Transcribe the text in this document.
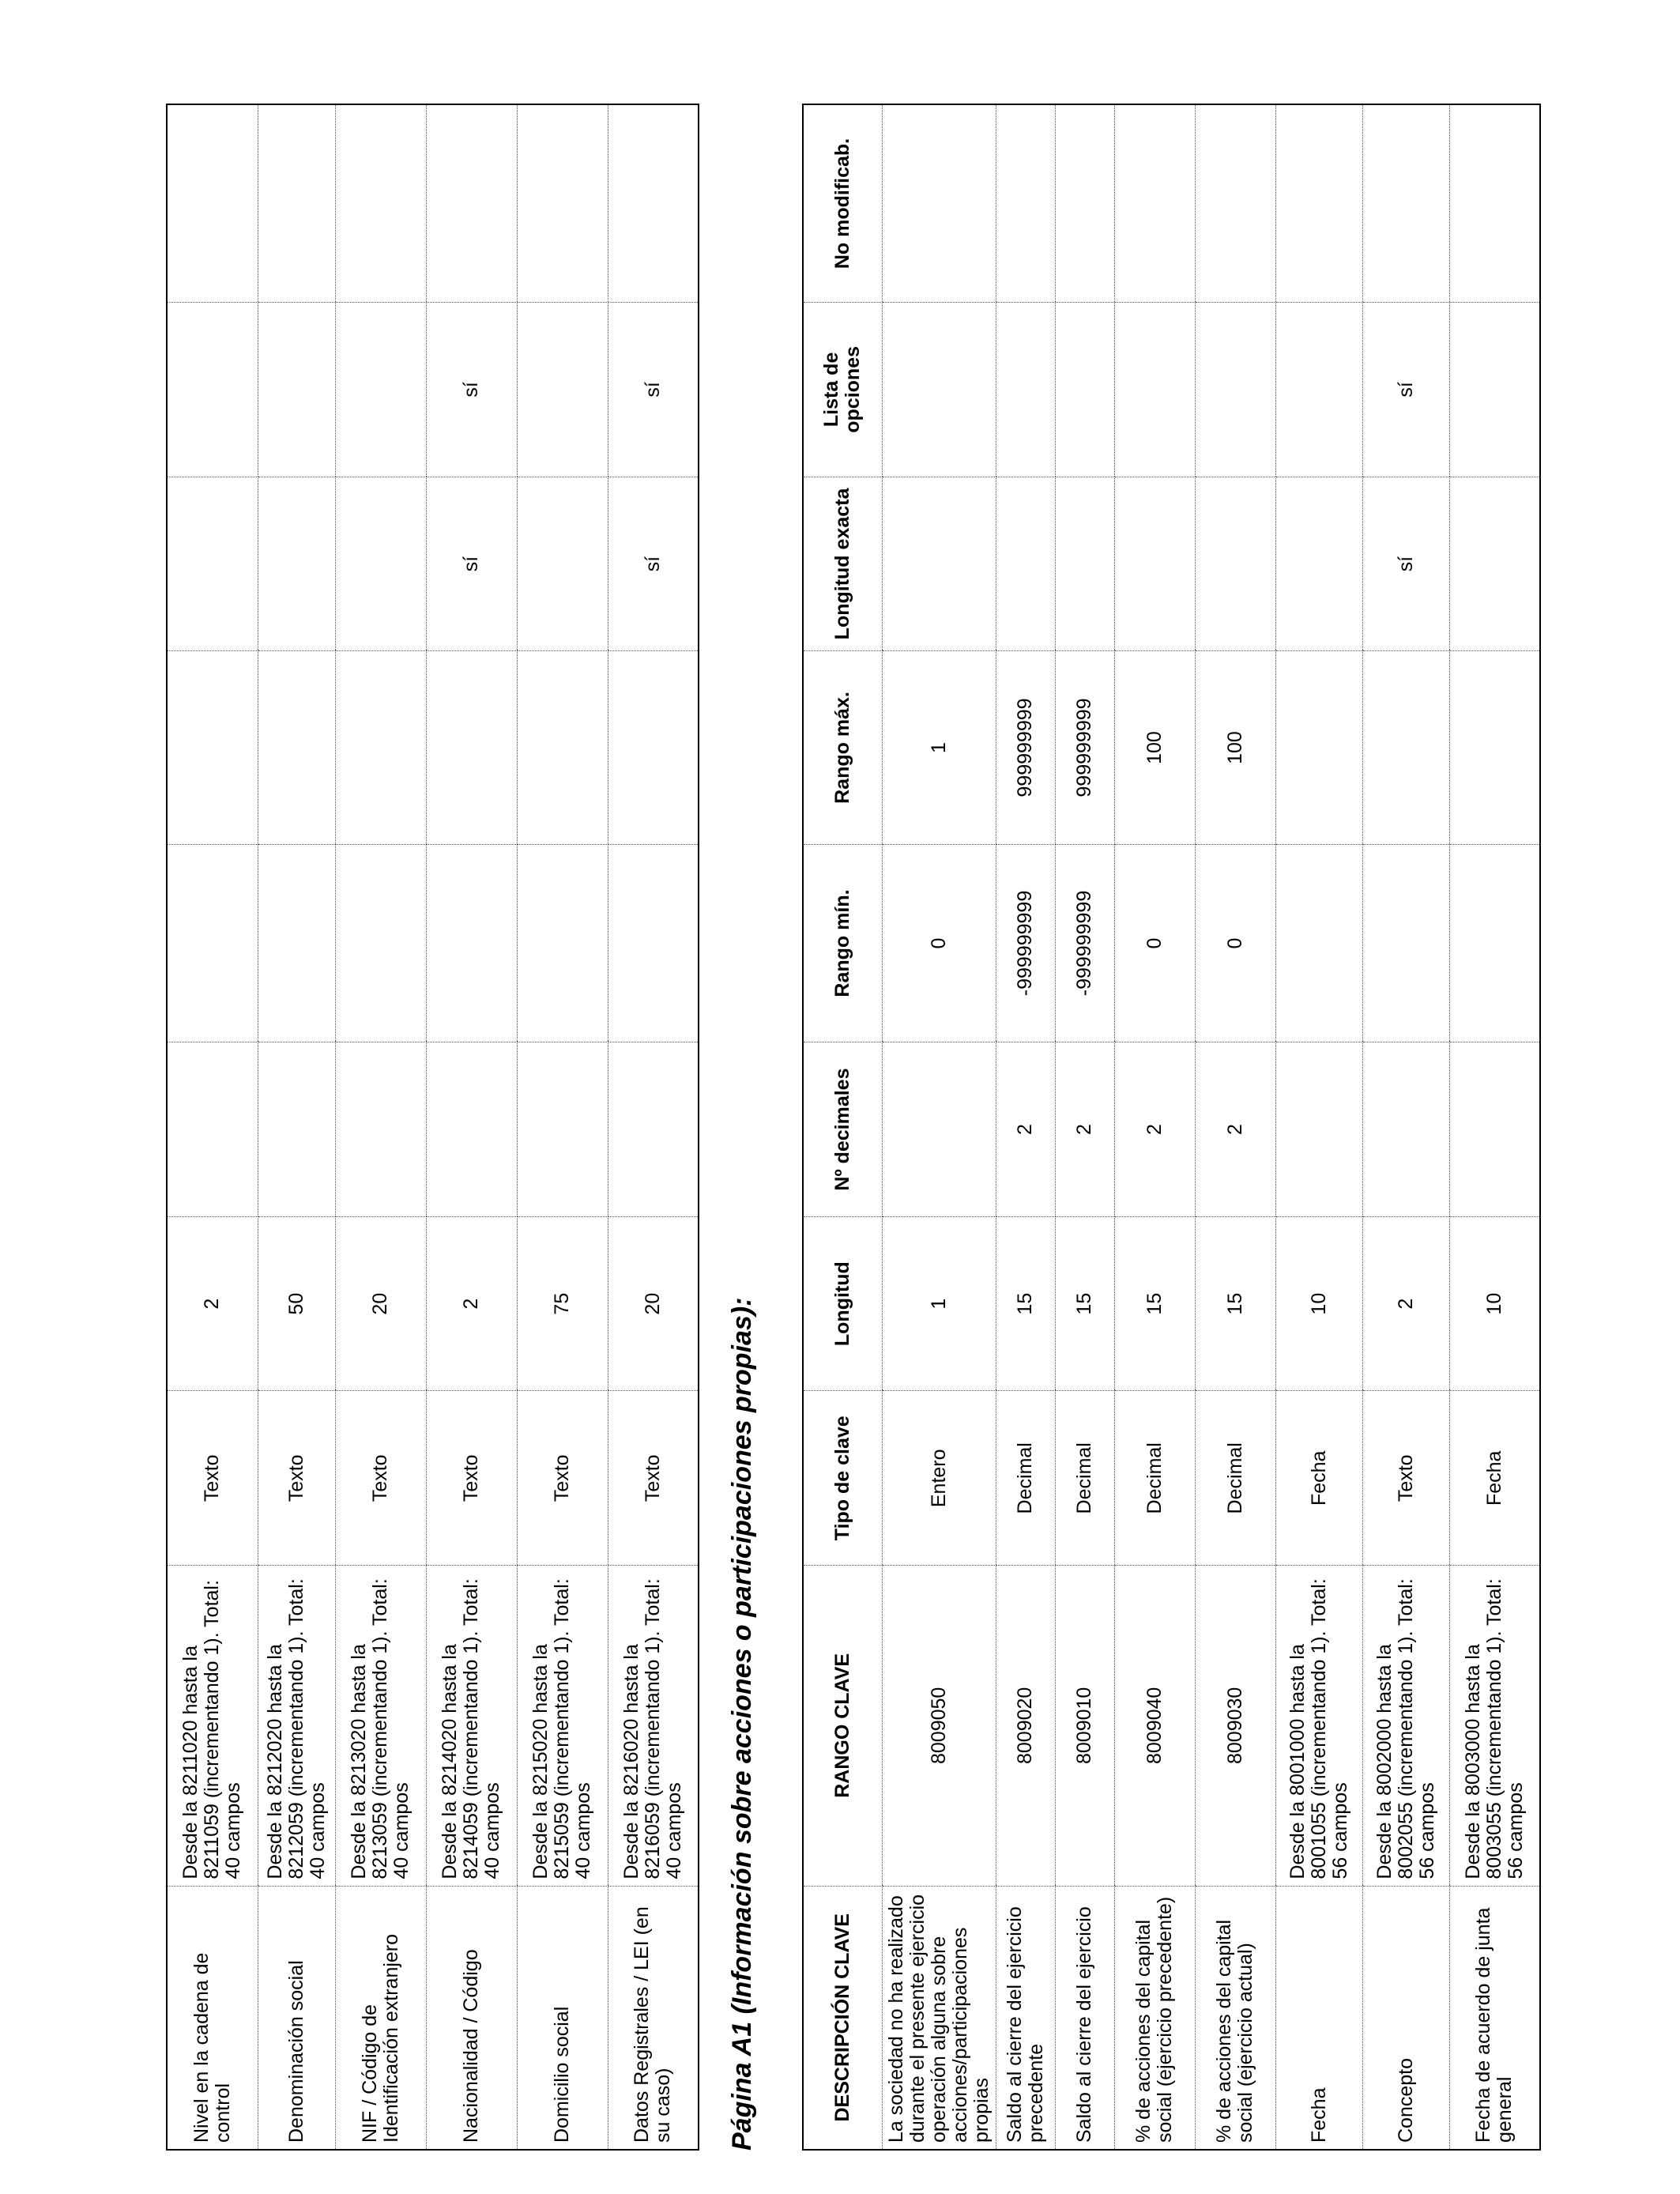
Nivel en la cadena de control	Desde la 8211020 hasta la 8211059 (incrementando 1). Total: 40 campos	Texto	2						
Denominación social	Desde la 8212020 hasta la 8212059 (incrementando 1). Total: 40 campos	Texto	50						
NIF / Código de Identificación extranjero	Desde la 8213020 hasta la 8213059 (incrementando 1). Total: 40 campos	Texto	20						
Nacionalidad / Código	Desde la 8214020 hasta la 8214059 (incrementando 1). Total: 40 campos	Texto	2				sí	sí	
Domicilio social	Desde la 8215020 hasta la 8215059 (incrementando 1). Total: 40 campos	Texto	75						
Datos Registrales / LEI (en su caso)	Desde la 8216020 hasta la 8216059 (incrementando 1). Total: 40 campos	Texto	20				sí	sí	
Página A1 (Información sobre acciones o participaciones propias):	DESCRIPCIÓN CLAVE	RANGO CLAVE	Tipo de clave	Longitud	Nº decimales	Rango mín.	Rango máx.	Longitud exacta	Lista de opciones	No modificab.
La sociedad no ha realizado durante el presente ejercicio operación alguna sobre acciones/participaciones propias	8009050	Entero	1		0	1			
Saldo al cierre del ejercicio precedente	8009020	Decimal	15	2	-999999999	999999999			
Saldo al cierre del ejercicio	8009010	Decimal	15	2	-999999999	999999999			
% de acciones del capital social (ejercicio precedente)	8009040	Decimal	15	2	0	100			
% de acciones del capital social (ejercicio actual)	8009030	Decimal	15	2	0	100			
Fecha	Desde la 8001000 hasta la 8001055 (incrementando 1). Total: 56 campos	Fecha	10						
Concepto	Desde la 8002000 hasta la 8002055 (incrementando 1). Total: 56 campos	Texto	2				sí	sí	
Fecha de acuerdo de junta general	Desde la 8003000 hasta la 8003055 (incrementando 1). Total: 56 campos	Fecha	10						
